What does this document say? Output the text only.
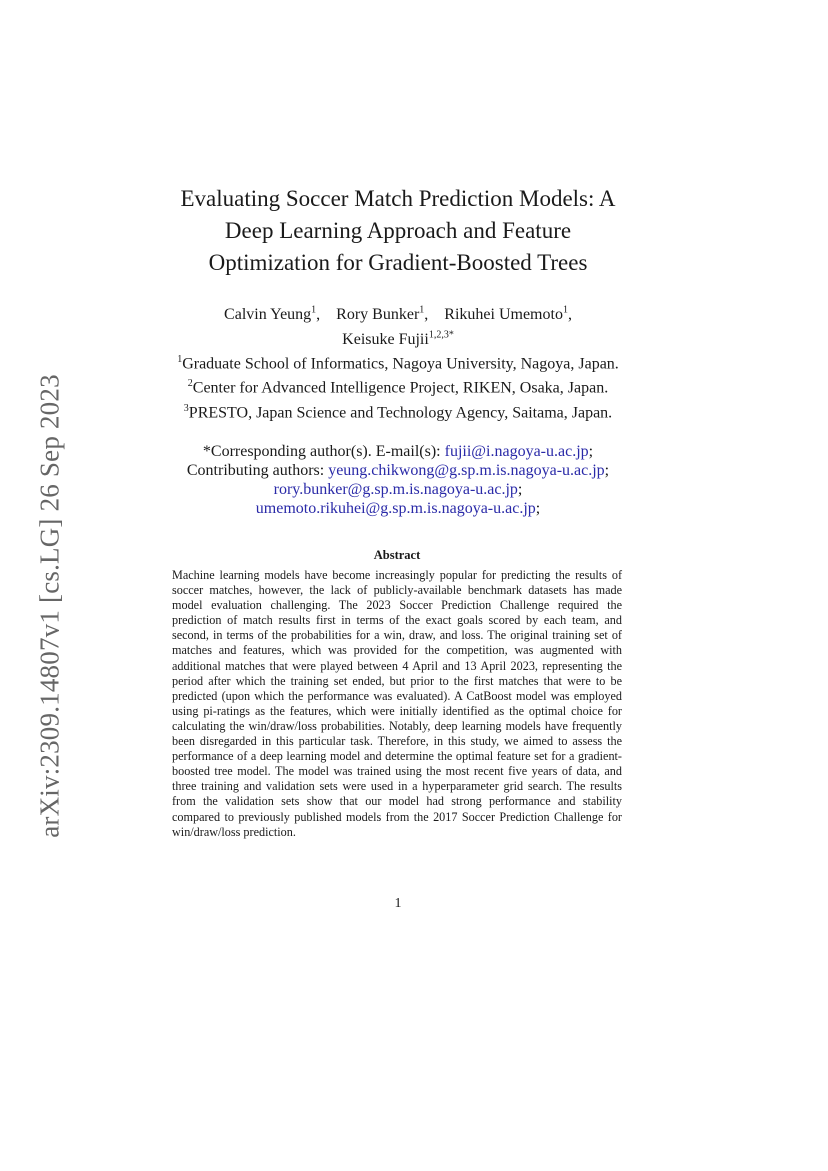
arXiv:2309.14807v1 [cs.LG] 26 Sep 2023
Evaluating Soccer Match Prediction Models: A
Deep Learning Approach and Feature
Optimization for Gradient-Boosted Trees
Calvin Yeung$^1$, Rory Bunker$^1$, Rikuhei Umemoto$^1$,
Keisuke Fujii$^{1,2,3*}$
$^1$Graduate School of Informatics, Nagoya University, Nagoya, Japan.
$^2$Center for Advanced Intelligence Project, RIKEN, Osaka, Japan.
$^3$PRESTO, Japan Science and Technology Agency, Saitama, Japan.
*Corresponding author(s). E-mail(s): fujii@i.nagoya-u.ac.jp;
Contributing authors: yeung.chikwong@g.sp.m.is.nagoya-u.ac.jp;
rory.bunker@g.sp.m.is.nagoya-u.ac.jp;
umemoto.rikuhei@g.sp.m.is.nagoya-u.ac.jp;
Abstract
Machine learning models have become increasingly popular for predicting the results of soccer matches, however, the lack of publicly-available benchmark datasets has made model evaluation challenging. The 2023 Soccer Prediction Challenge required the prediction of match results first in terms of the exact goals scored by each team, and second, in terms of the probabilities for a win, draw, and loss. The original training set of matches and features, which was provided for the competition, was augmented with additional matches that were played between 4 April and 13 April 2023, representing the period after which the training set ended, but prior to the first matches that were to be predicted (upon which the performance was evaluated). A CatBoost model was employed using pi-ratings as the features, which were initially identified as the optimal choice for calculating the win/draw/loss probabilities. Notably, deep learning models have frequently been disregarded in this particular task. Therefore, in this study, we aimed to assess the performance of a deep learning model and determine the optimal feature set for a gradient-boosted tree model. The model was trained using the most recent five years of data, and three training and validation sets were used in a hyperparameter grid search. The results from the validation sets show that our model had strong performance and stability compared to previously published models from the 2017 Soccer Prediction Challenge for win/draw/loss prediction.
1
